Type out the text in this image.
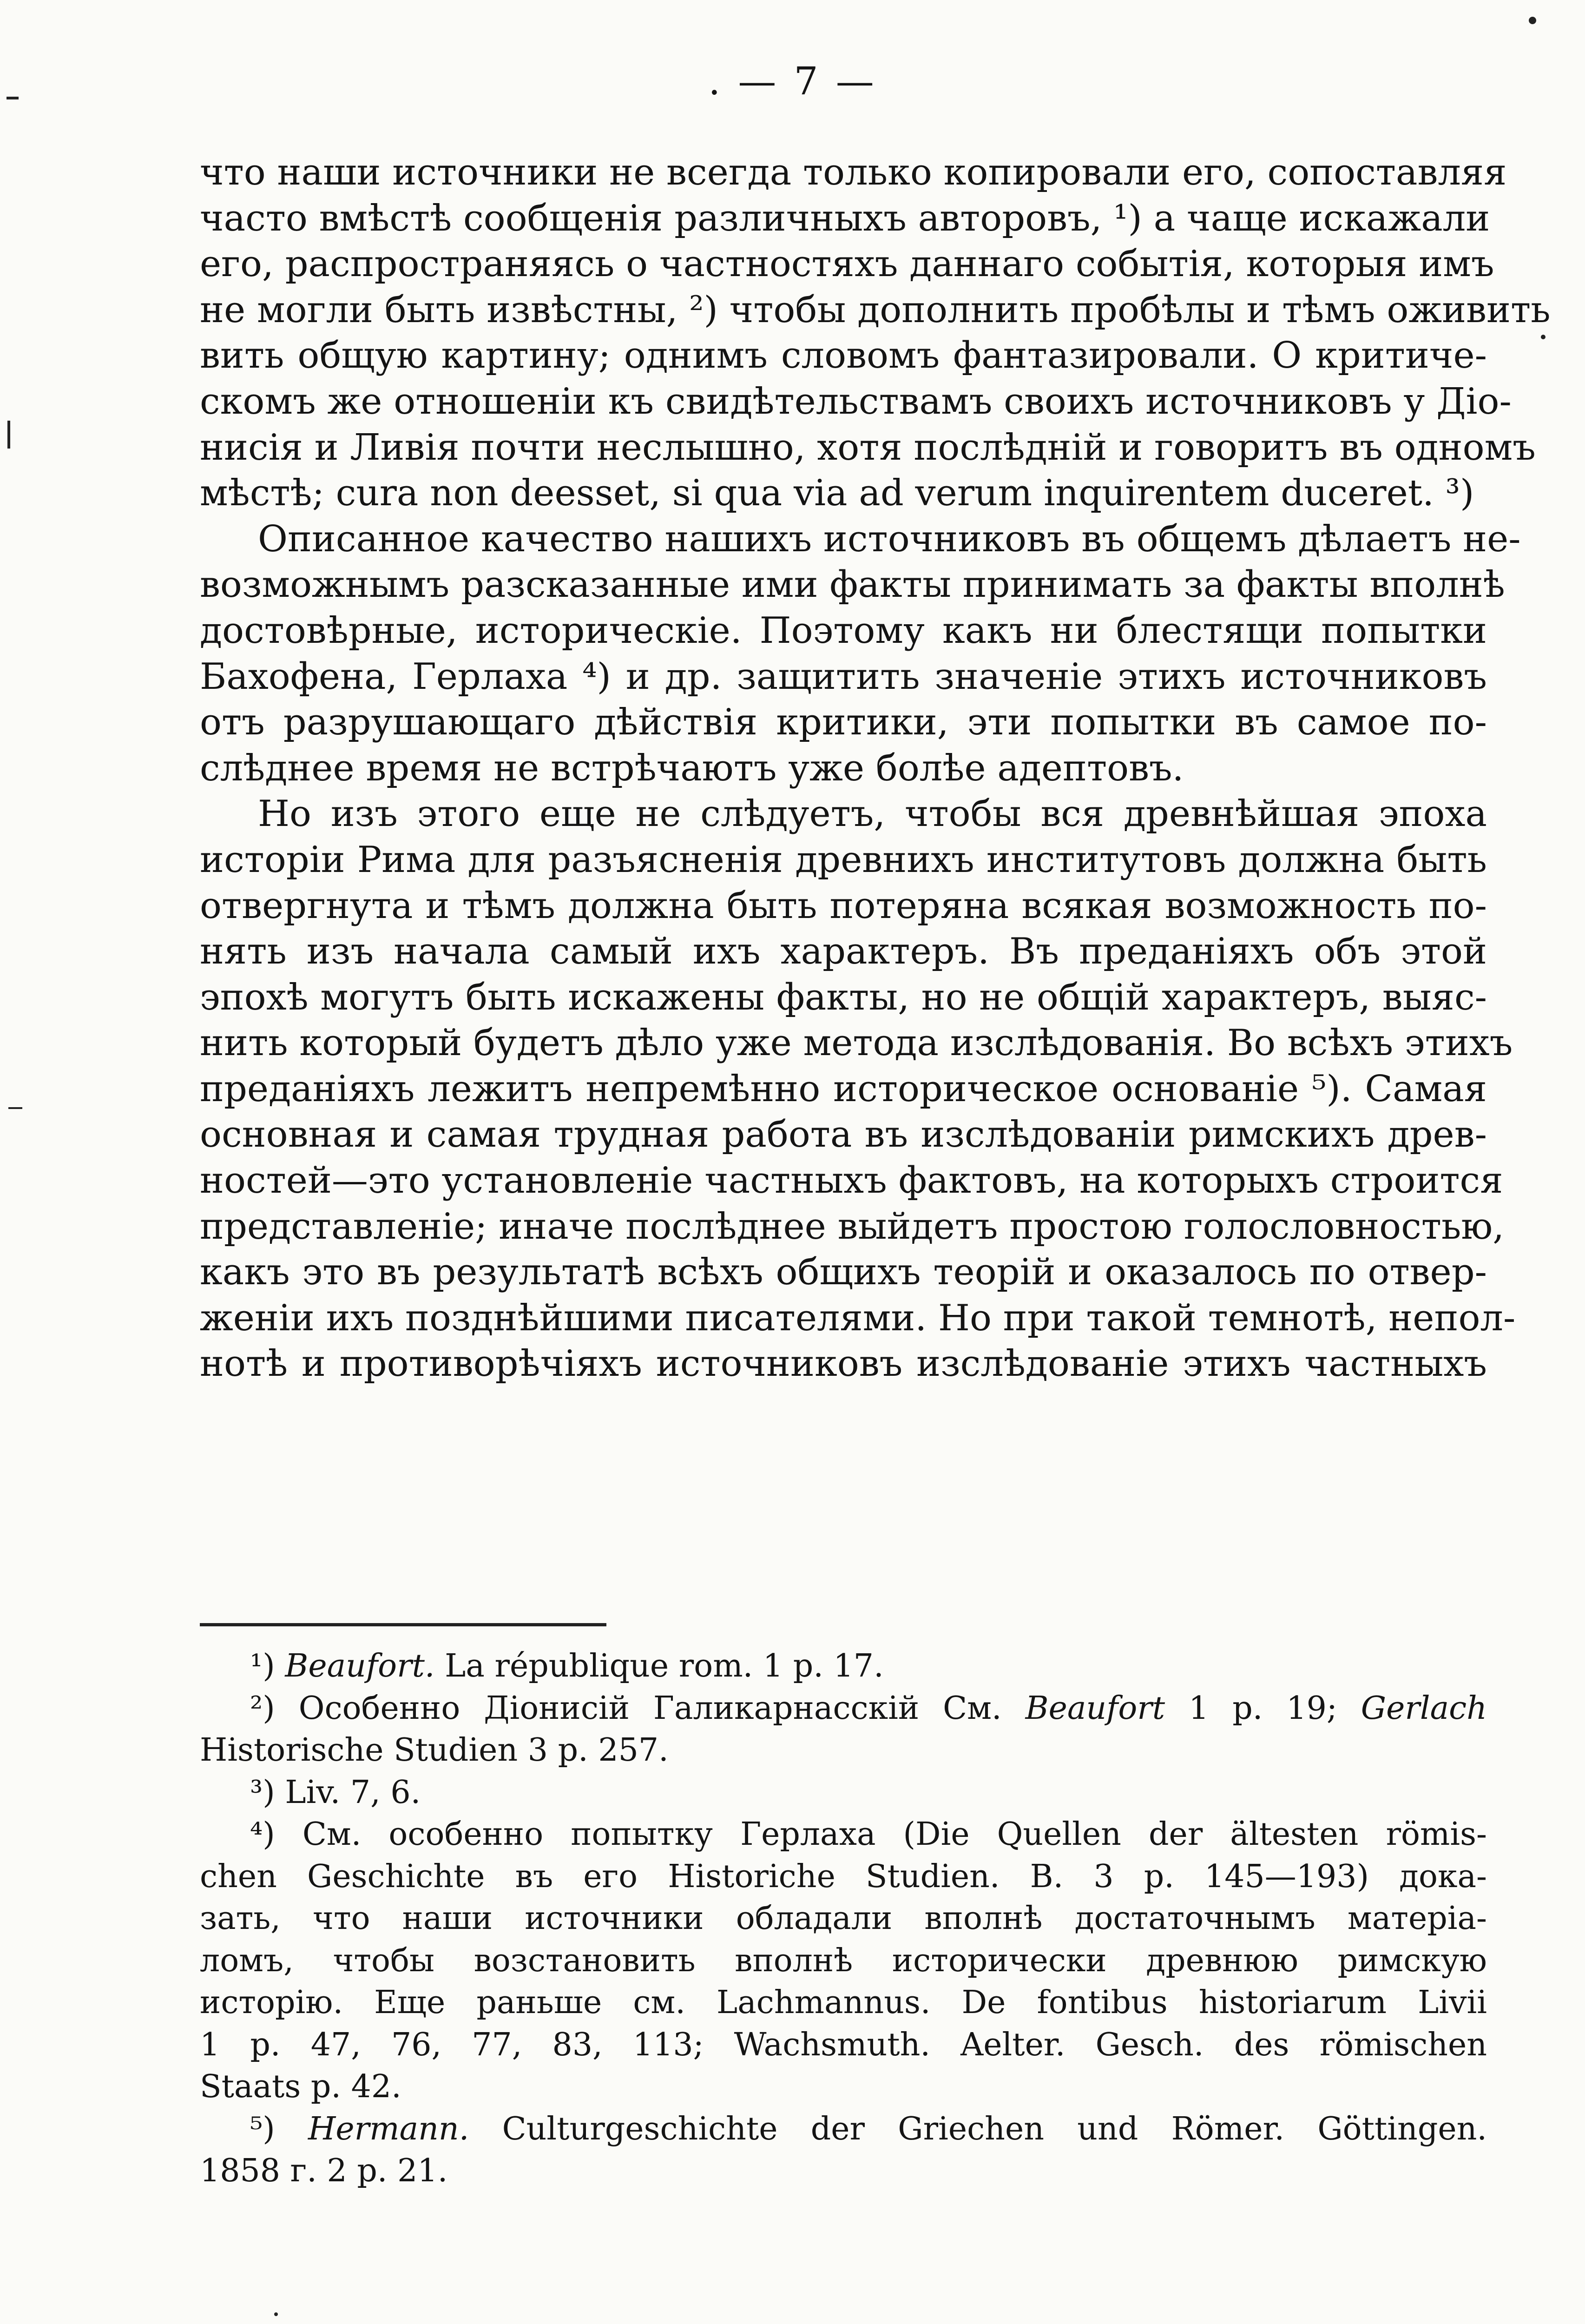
. — 7 —
что наши источники не всегда только копировали его, сопоставляя
часто вмѣстѣ сообщенія различныхъ авторовъ, ¹) а чаще искажали
его, распространяясь о частностяхъ даннаго событія, которыя имъ
не могли быть извѣстны, ²) чтобы дополнить пробѣлы и тѣмъ оживить
вить общую картину; однимъ словомъ фантазировали. О критиче-
скомъ же отношеніи къ свидѣтельствамъ своихъ источниковъ у Діо-
нисія и Ливія почти неслышно, хотя послѣдній и говоритъ въ одномъ
мѣстѣ; cura non deesset, si qua via ad verum inquirentem duceret. ³)
Описанное качество нашихъ источниковъ въ общемъ дѣлаетъ не-
возможнымъ разсказанные ими факты принимать за факты вполнѣ
достовѣрные, историческіе. Поэтому какъ ни блестящи попытки
Бахофена, Герлаха ⁴) и др. защитить значеніе этихъ источниковъ
отъ разрушающаго дѣйствія критики, эти попытки въ самое по-
слѣднее время не встрѣчаютъ уже болѣе адептовъ.
Но изъ этого еще не слѣдуетъ, чтобы вся древнѣйшая эпоха
исторіи Рима для разъясненія древнихъ институтовъ должна быть
отвергнута и тѣмъ должна быть потеряна всякая возможность по-
нять изъ начала самый ихъ характеръ. Въ преданіяхъ объ этой
эпохѣ могутъ быть искажены факты, но не общій характеръ, выяс-
нить который будетъ дѣло уже метода изслѣдованія. Во всѣхъ этихъ
преданіяхъ лежитъ непремѣнно историческое основаніе ⁵). Самая
основная и самая трудная работа въ изслѣдованіи римскихъ древ-
ностей—это установленіе частныхъ фактовъ, на которыхъ строится
представленіе; иначе послѣднее выйдетъ простою голословностью,
какъ это въ результатѣ всѣхъ общихъ теорій и оказалось по отвер-
женіи ихъ позднѣйшими писателями. Но при такой темнотѣ, непол-
нотѣ и противорѣчіяхъ источниковъ изслѣдованіе этихъ частныхъ
¹) Beaufort. La république rom. 1 p. 17.
²) Особенно Діонисій Галикарнасскій См. Beaufort 1 p. 19; Gerlach
Historische Studien 3 p. 257.
³) Liv. 7, 6.
⁴) См. особенно попытку Герлаха (Die Quellen der ältesten römis-
chen Geschichte въ его Historiche Studien. B. 3 p. 145—193) дока-
зать, что наши источники обладали вполнѣ достаточнымъ матеріа-
ломъ, чтобы возстановить вполнѣ исторически древнюю римскую
исторію. Еще раньше см. Lachmannus. De fontibus historiarum Livii
1 p. 47, 76, 77, 83, 113; Wachsmuth. Aelter. Gesch. des römischen
Staats p. 42.
⁵) Hermann. Culturgeschichte der Griechen und Römer. Göttingen.
1858 г. 2 p. 21.
